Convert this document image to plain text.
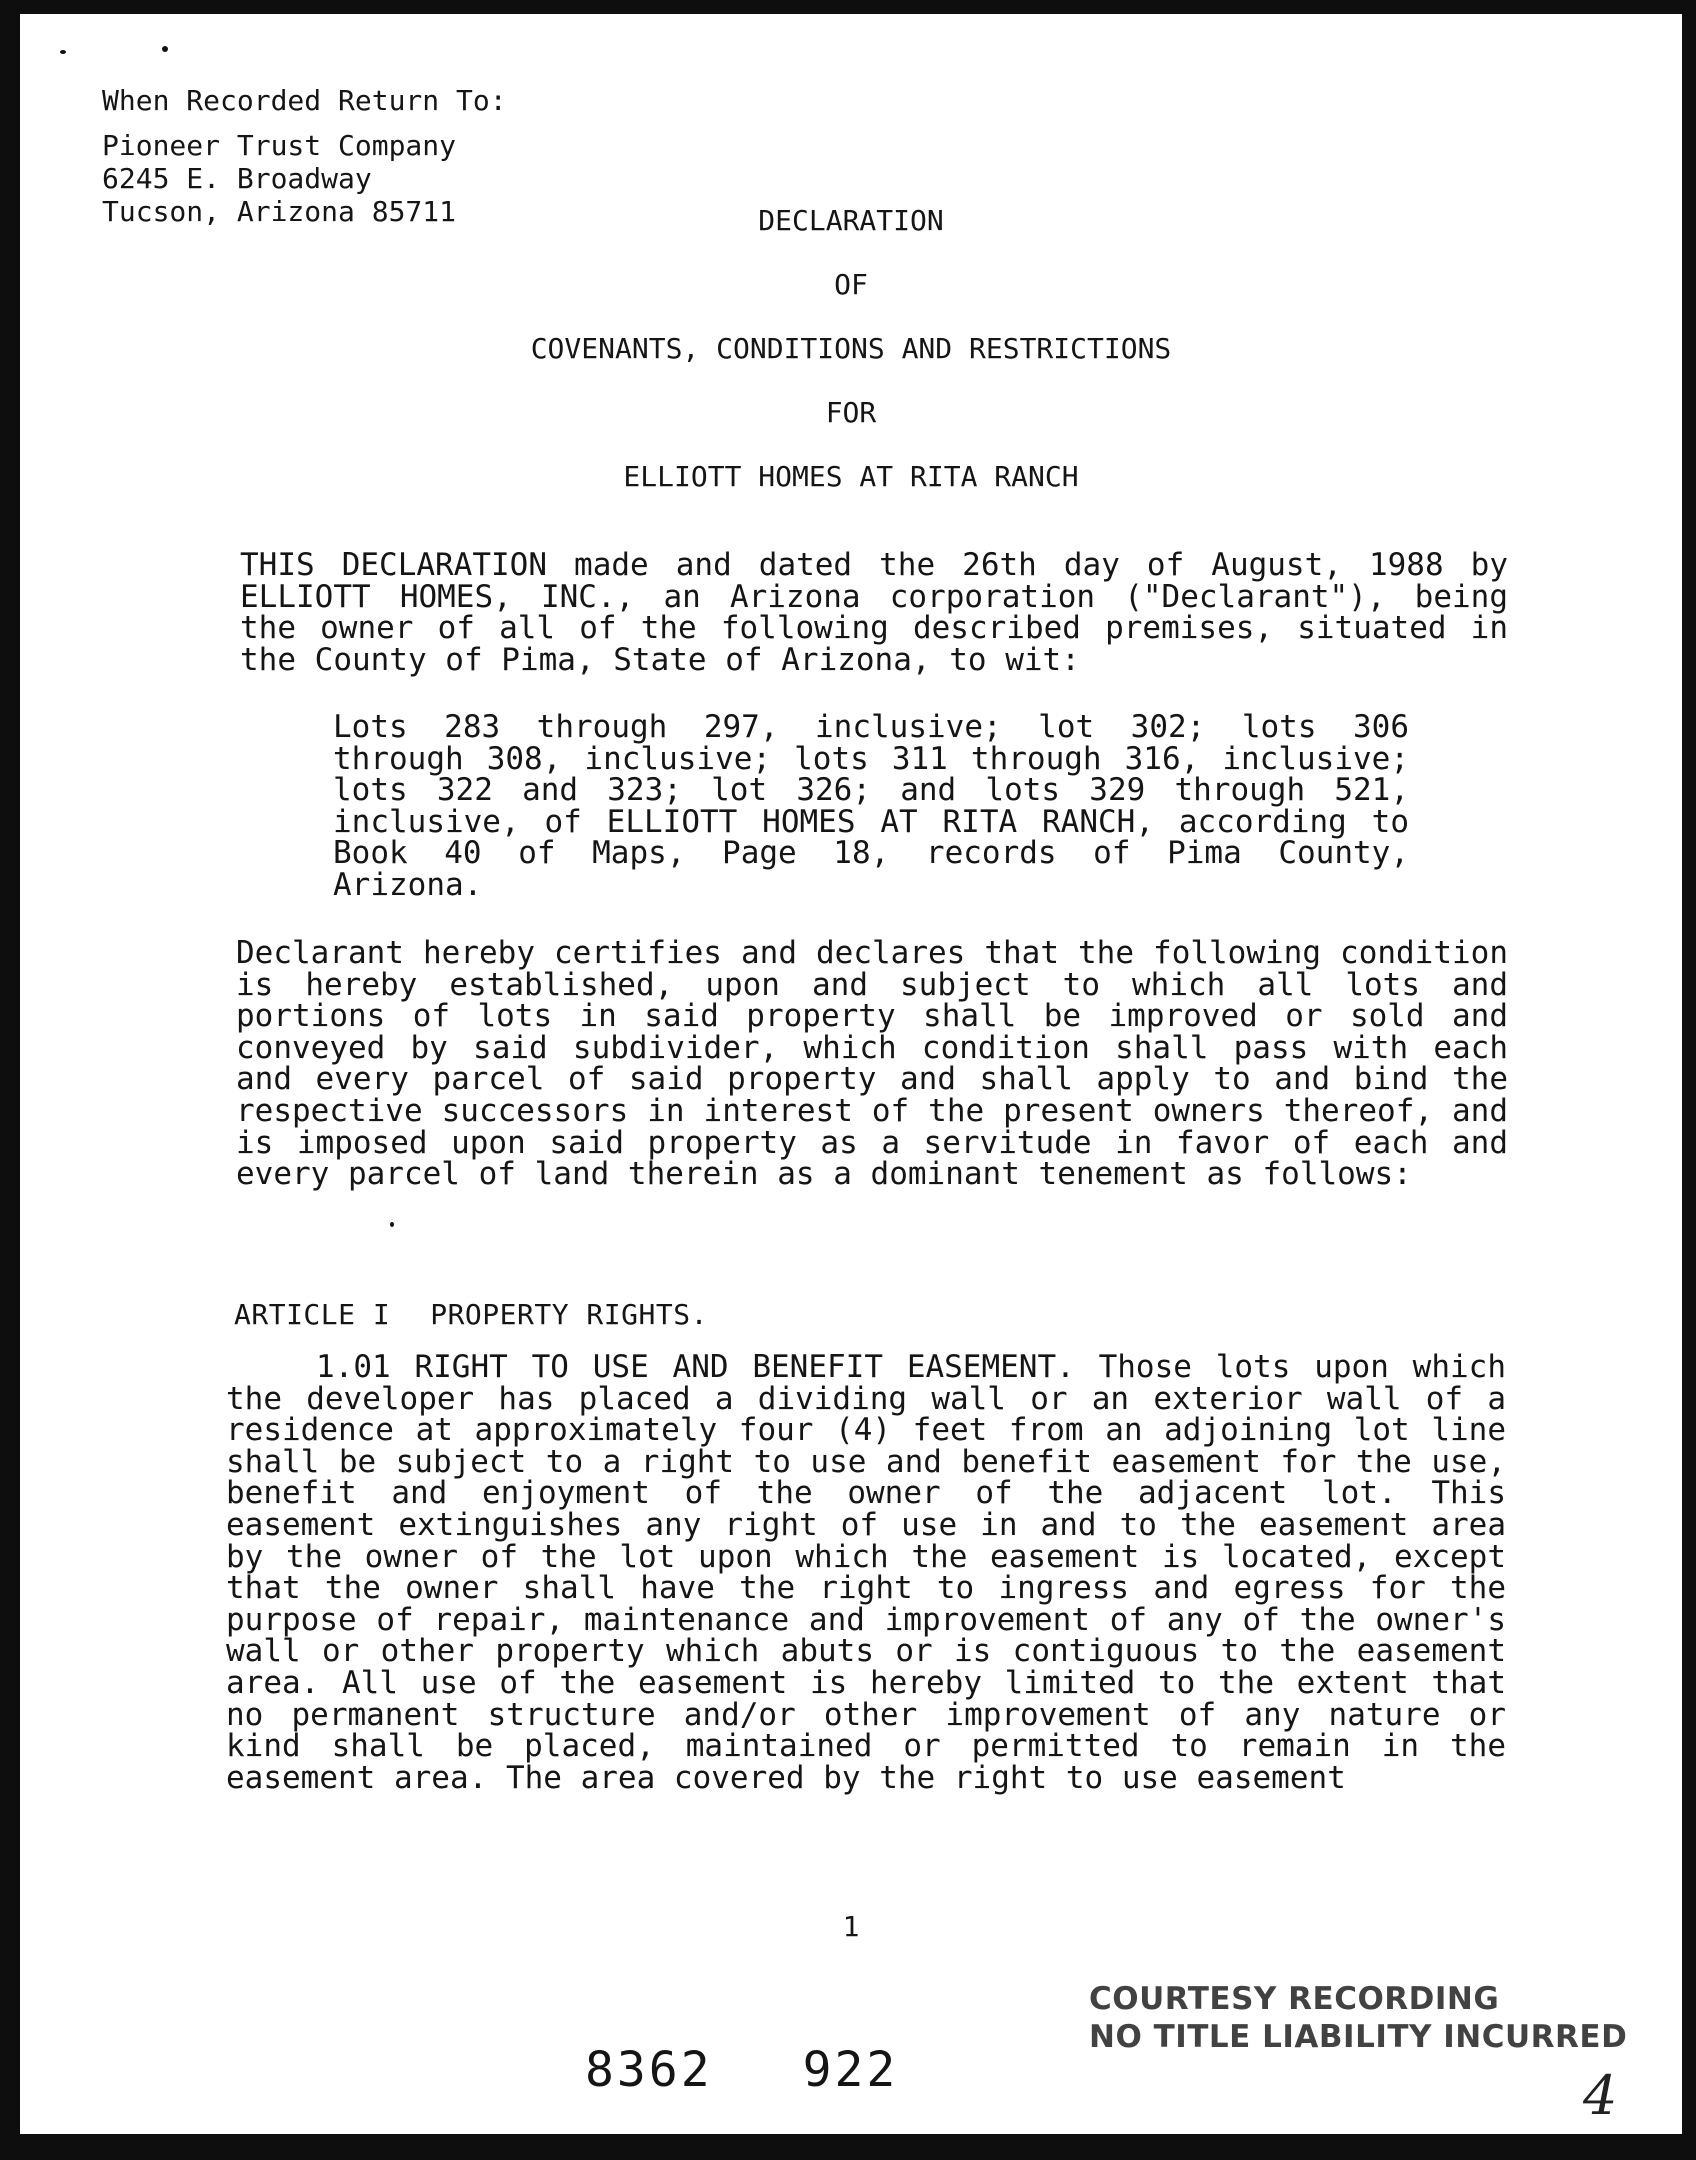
When Recorded Return To:
Pioneer Trust Company
6245 E. Broadway
Tucson, Arizona 85711	DECLARATION
OF
COVENANTS, CONDITIONS AND RESTRICTIONS
FOR
ELLIOTT HOMES AT RITA RANCH
THIS DECLARATION made and dated the 26th day of August, 1988 by ELLIOTT HOMES, INC., an Arizona corporation ("Declarant"), being the owner of all of the following described premises, situated in the County of Pima, State of Arizona, to wit:
Lots 283 through 297, inclusive; lot 302; lots 306 through 308, inclusive; lots 311 through 316, inclusive; lots 322 and 323; lot 326; and lots 329 through 521, inclusive, of ELLIOTT HOMES AT RITA RANCH, according to Book 40 of Maps, Page 18, records of Pima County, Arizona.
Declarant hereby certifies and declares that the following condition is hereby established, upon and subject to which all lots and portions of lots in said property shall be improved or sold and conveyed by said subdivider, which condition shall pass with each and every parcel of said property and shall apply to and bind the respective successors in interest of the present owners thereof, and is imposed upon said property as a servitude in favor of each and every parcel of land therein as a dominant tenement as follows:
ARTICLE I PROPERTY RIGHTS.
1.01 RIGHT TO USE AND BENEFIT EASEMENT. Those lots upon which the developer has placed a dividing wall or an exterior wall of a residence at approximately four (4) feet from an adjoining lot line shall be subject to a right to use and benefit easement for the use, benefit and enjoyment of the owner of the adjacent lot. This easement extinguishes any right of use in and to the easement area by the owner of the lot upon which the easement is located, except that the owner shall have the right to ingress and egress for the purpose of repair, maintenance and improvement of any of the owner's wall or other property which abuts or is contiguous to the easement area. All use of the easement is hereby limited to the extent that no permanent structure and/or other improvement of any nature or kind shall be placed, maintained or permitted to remain in the easement area. The area covered by the right to use easement
1
8362 922
COURTESY RECORDING
NO TITLE LIABILITY INCURRED
4
